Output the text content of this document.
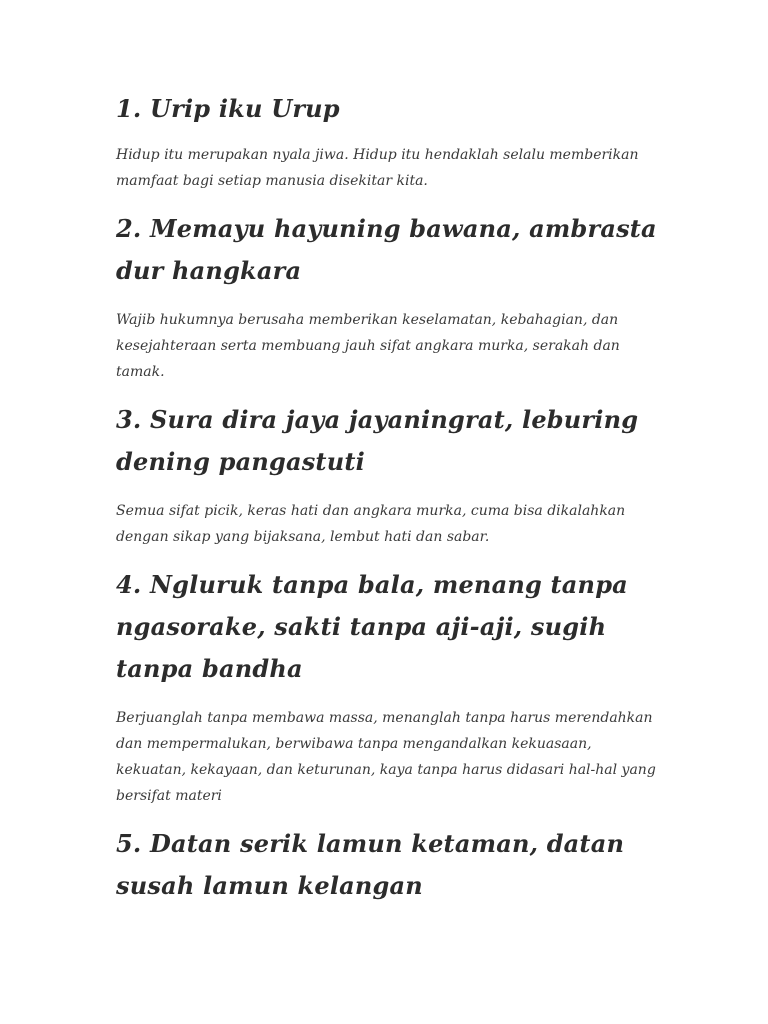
1. Urip iku Urup

Hidup itu merupakan nyala jiwa. Hidup itu hendaklah selalu memberikan mamfaat bagi setiap manusia disekitar kita.

2. Memayu hayuning bawana, ambrasta dur hangkara

Wajib hukumnya berusaha memberikan keselamatan, kebahagian, dan kesejahteraan serta membuang jauh sifat angkara murka, serakah dan tamak.

3. Sura dira jaya jayaningrat, leburing dening pangastuti

Semua sifat picik, keras hati dan angkara murka, cuma bisa dikalahkan dengan sikap yang bijaksana, lembut hati dan sabar.

4. Ngluruk tanpa bala, menang tanpa ngasorake, sakti tanpa aji-aji, sugih tanpa bandha

Berjuanglah tanpa membawa massa, menanglah tanpa harus merendahkan dan mempermalukan, berwibawa tanpa mengandalkan kekuasaan, kekuatan, kekayaan, dan keturunan, kaya tanpa harus didasari hal-hal yang bersifat materi

5. Datan serik lamun ketaman, datan susah lamun kelangan
